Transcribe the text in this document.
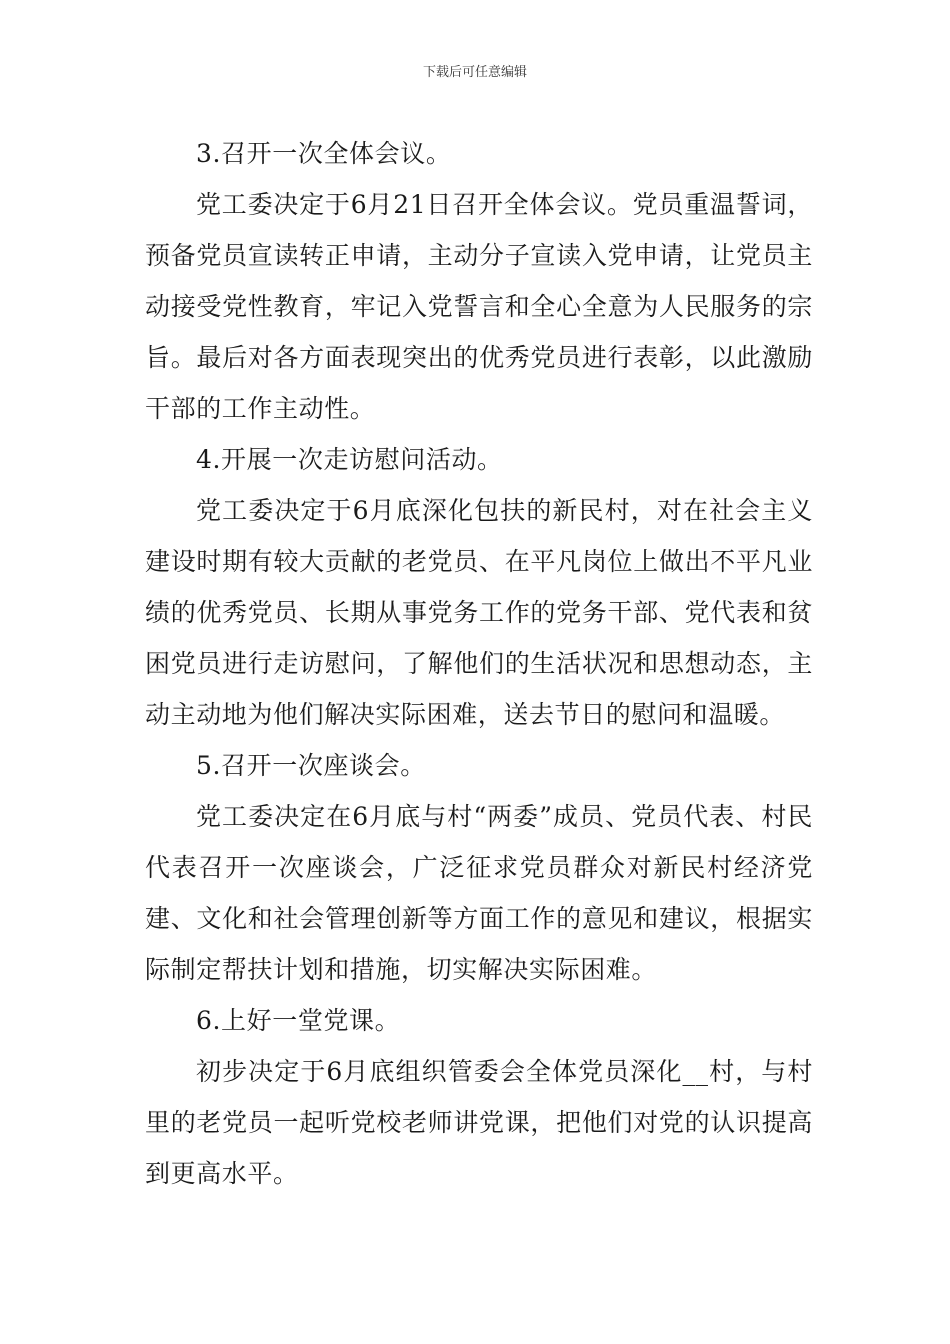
下载后可任意编辑

3.召开一次全体会议。

党工委决定于6月21日召开全体会议。党员重温誓词，预备党员宣读转正申请，主动分子宣读入党申请，让党员主动接受党性教育，牢记入党誓言和全心全意为人民服务的宗旨。最后对各方面表现突出的优秀党员进行表彰，以此激励干部的工作主动性。

4.开展一次走访慰问活动。

党工委决定于6月底深化包扶的新民村，对在社会主义建设时期有较大贡献的老党员、在平凡岗位上做出不平凡业绩的优秀党员、长期从事党务工作的党务干部、党代表和贫困党员进行走访慰问，了解他们的生活状况和思想动态，主动主动地为他们解决实际困难，送去节日的慰问和温暖。

5.召开一次座谈会。

党工委决定在6月底与村“两委”成员、党员代表、村民代表召开一次座谈会，广泛征求党员群众对新民村经济党建、文化和社会管理创新等方面工作的意见和建议，根据实际制定帮扶计划和措施，切实解决实际困难。

6.上好一堂党课。

初步决定于6月底组织管委会全体党员深化__村，与村里的老党员一起听党校老师讲党课，把他们对党的认识提高到更高水平。
